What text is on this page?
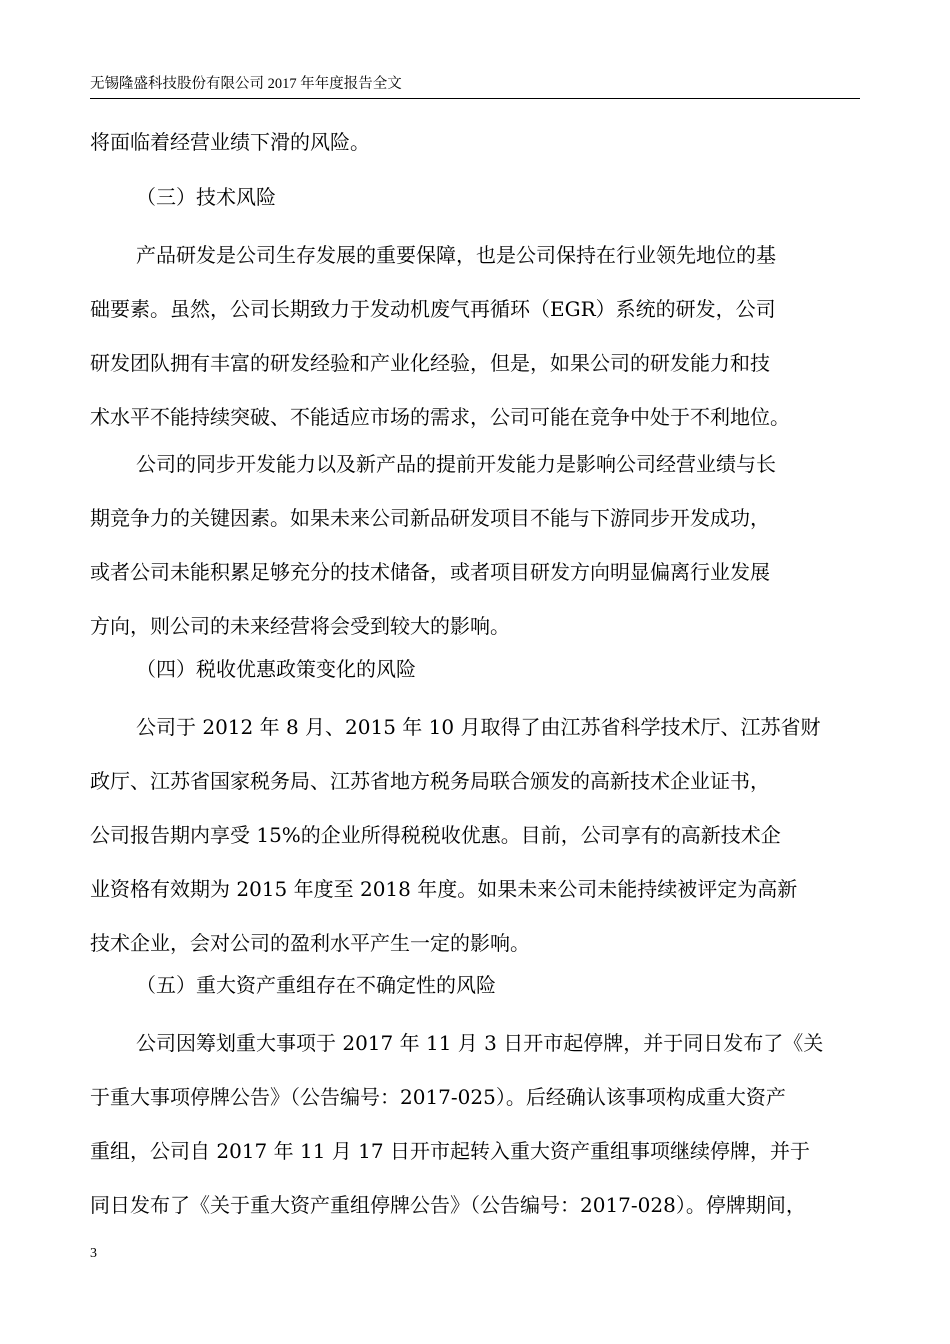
无锡隆盛科技股份有限公司 2017 年年度报告全文
将面临着经营业绩下滑的风险。
（三）技术风险
产品研发是公司生存发展的重要保障，也是公司保持在行业领先地位的基
础要素。虽然，公司长期致力于发动机废气再循环（EGR）系统的研发，公司
研发团队拥有丰富的研发经验和产业化经验，但是，如果公司的研发能力和技
术水平不能持续突破、不能适应市场的需求，公司可能在竞争中处于不利地位。
公司的同步开发能力以及新产品的提前开发能力是影响公司经营业绩与长
期竞争力的关键因素。如果未来公司新品研发项目不能与下游同步开发成功，
或者公司未能积累足够充分的技术储备，或者项目研发方向明显偏离行业发展
方向，则公司的未来经营将会受到较大的影响。
（四）税收优惠政策变化的风险
公司于 2012 年 8 月、2015 年 10 月取得了由江苏省科学技术厅、江苏省财
政厅、江苏省国家税务局、江苏省地方税务局联合颁发的高新技术企业证书，
公司报告期内享受 15%的企业所得税税收优惠。目前，公司享有的高新技术企
业资格有效期为 2015 年度至 2018 年度。如果未来公司未能持续被评定为高新
技术企业，会对公司的盈利水平产生一定的影响。
（五）重大资产重组存在不确定性的风险
公司因筹划重大事项于 2017 年 11 月 3 日开市起停牌，并于同日发布了《关
于重大事项停牌公告》（公告编号：2017-025）。后经确认该事项构成重大资产
重组，公司自 2017 年 11 月 17 日开市起转入重大资产重组事项继续停牌，并于
同日发布了《关于重大资产重组停牌公告》（公告编号：2017-028）。停牌期间，
3
